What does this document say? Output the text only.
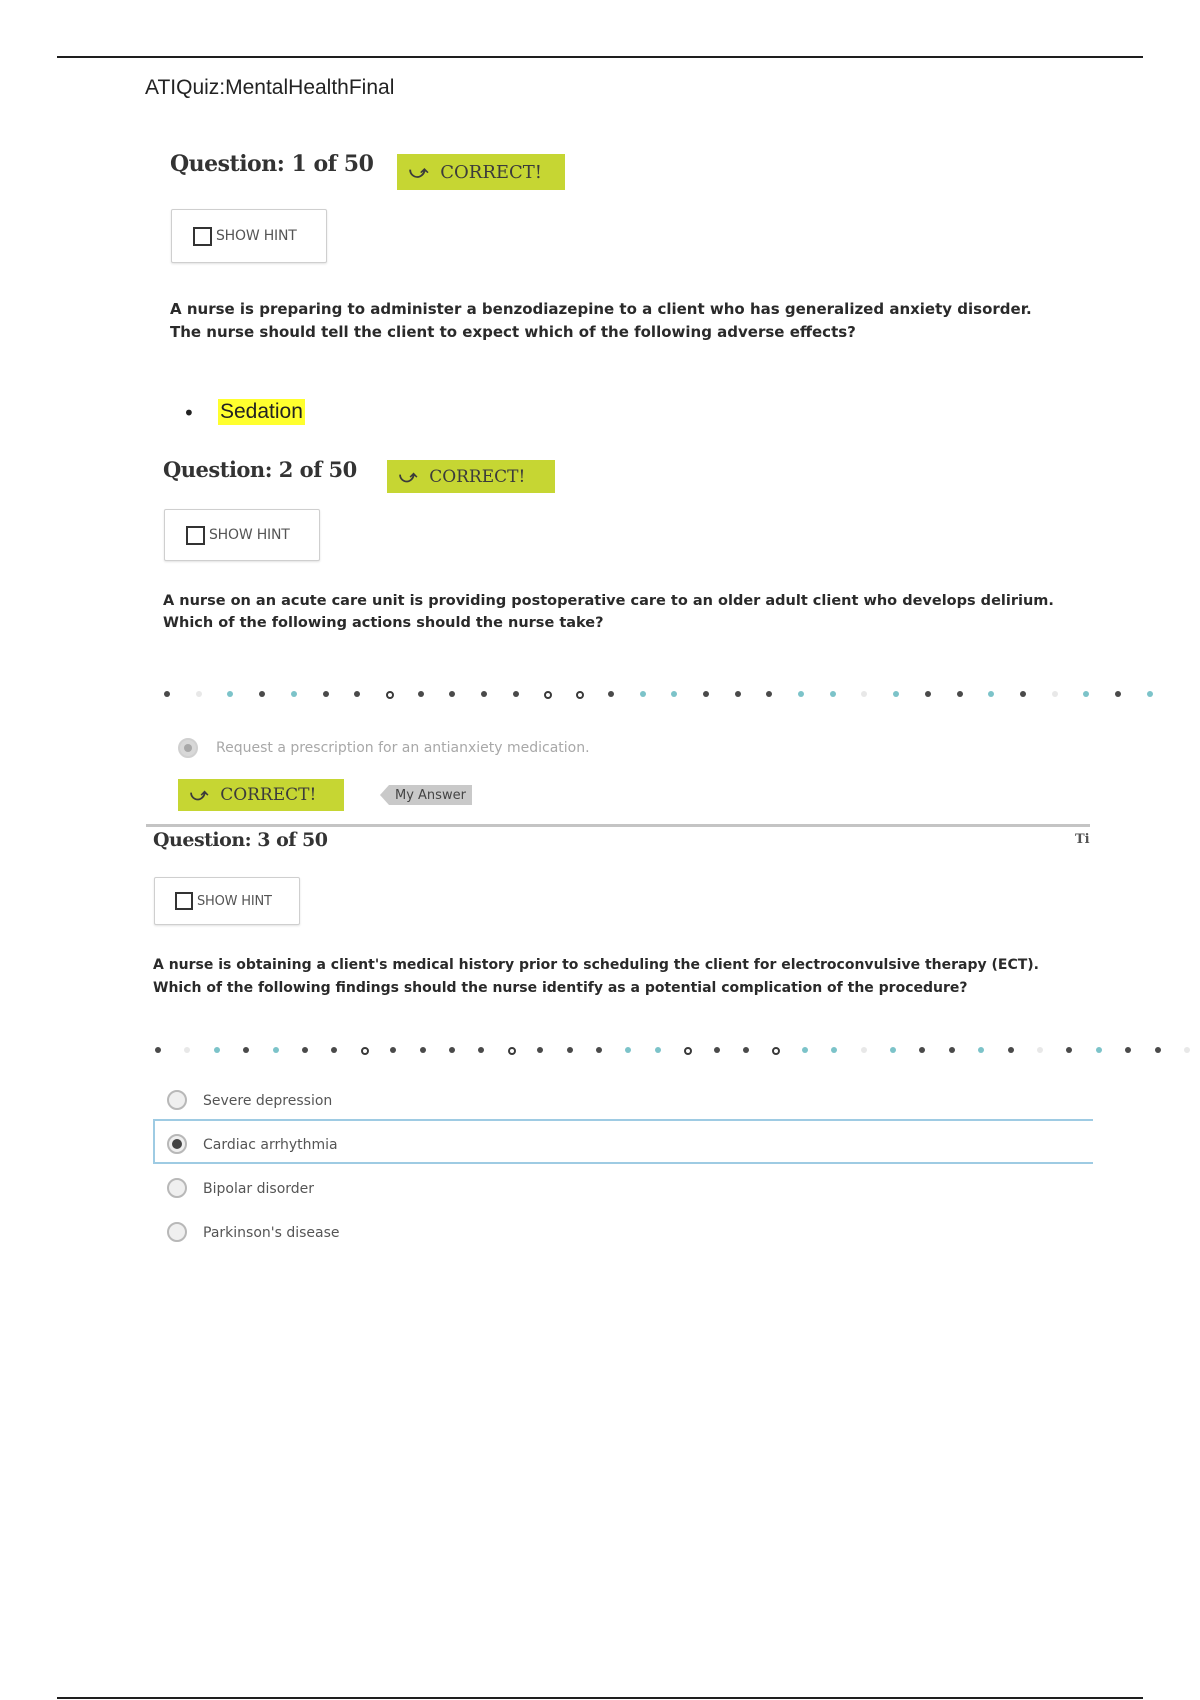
ATIQuiz:MentalHealthFinal
Question: 1 of 50 ⤻ CORRECT!
SHOW HINT
A nurse is preparing to administer a benzodiazepine to a client who has generalized anxiety disorder. The nurse should tell the client to expect which of the following adverse effects?
• Sedation
Question: 2 of 50 ⤻ CORRECT!
SHOW HINT
A nurse on an acute care unit is providing postoperative care to an older adult client who develops delirium. Which of the following actions should the nurse take?
Request a prescription for an antianxiety medication.
⤻ CORRECT!	My Answer
Question: 3 of 50	Ti
SHOW HINT
A nurse is obtaining a client's medical history prior to scheduling the client for electroconvulsive therapy (ECT).
Which of the following findings should the nurse identify as a potential complication of the procedure?
Severe depression
Cardiac arrhythmia
Bipolar disorder
Parkinson's disease
